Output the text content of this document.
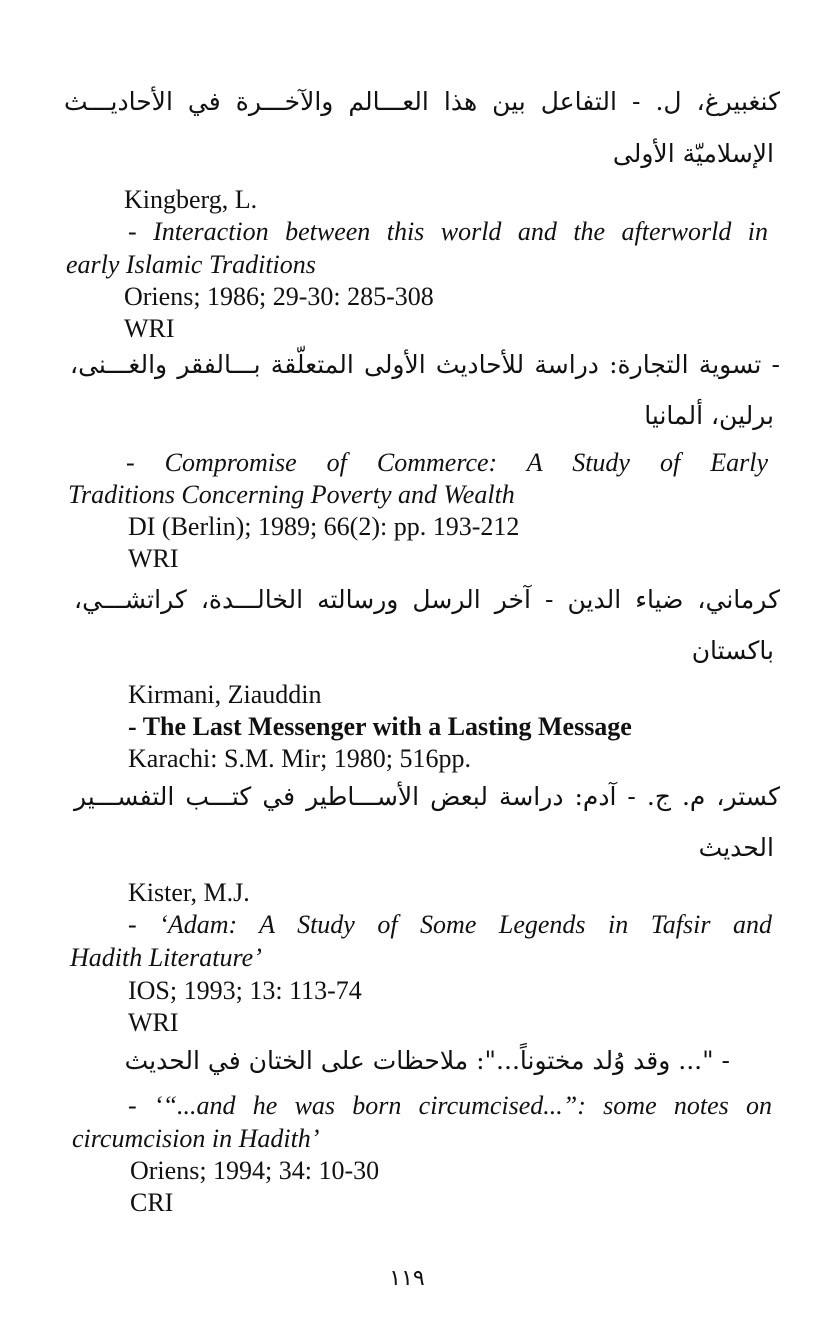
كنغبيرغ، ل. - التفاعل بين هذا العـــالم والآخـــرة في الأحاديـــث
الإسلاميّة الأولى
Kingberg, L.
- Interaction between this world and the afterworld in
early Islamic Traditions
Oriens; 1986; 29-30: 285-308
WRI
- تسوية التجارة: دراسة للأحاديث الأولى المتعلّقة بـــالفقر والغـــنى،
برلين، ألمانيا
- Compromise of Commerce: A Study of Early
Traditions Concerning Poverty and Wealth
DI (Berlin); 1989; 66(2): pp. 193-212
WRI
كرماني، ضياء الدين - آخر الرسل ورسالته الخالـــدة، كراتشـــي،
باكستان
Kirmani, Ziauddin
- The Last Messenger with a Lasting Message
Karachi: S.M. Mir; 1980; 516pp.
كستر، م. ج. - آدم: دراسة لبعض الأســـاطير في كتـــب التفســـير
الحديث
Kister, M.J.
- ‘Adam: A Study of Some Legends in Tafsir and
Hadith Literature’
IOS; 1993; 13: 113-74
WRI
- "... وقد وُلد مختوناً...": ملاحظات على الختان في الحديث
- ‘“...and he was born circumcised...”: some notes on
circumcision in Hadith’
Oriens; 1994; 34: 10-30
CRI
١١٩
